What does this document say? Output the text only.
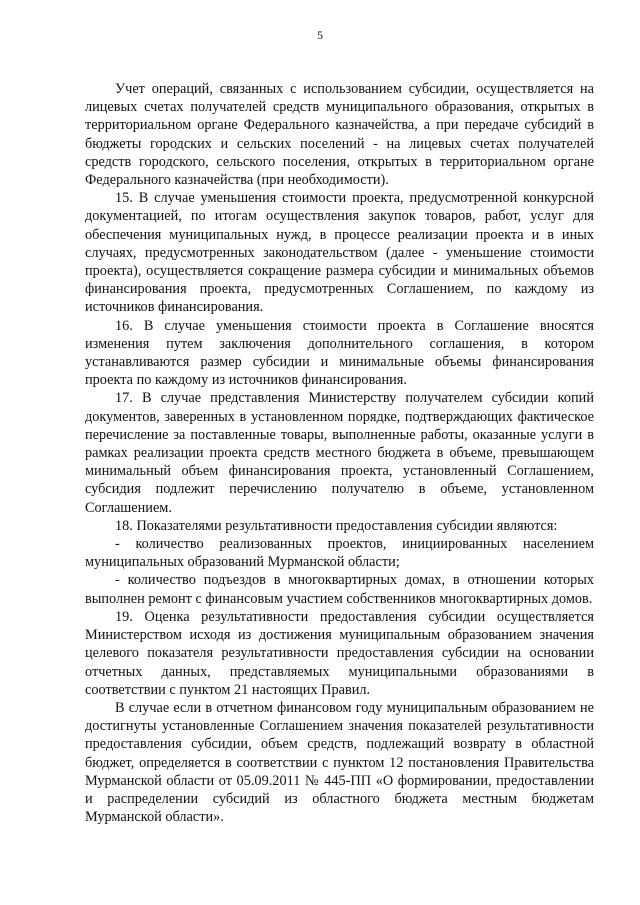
5

Учет операций, связанных с использованием субсидии, осуществляется на лицевых счетах получателей средств муниципального образования, открытых в территориальном органе Федерального казначейства, а при передаче субсидий в бюджеты городских и сельских поселений - на лицевых счетах получателей средств городского, сельского поселения, открытых в территориальном органе Федерального казначейства (при необходимости).

15. В случае уменьшения стоимости проекта, предусмотренной конкурсной документацией, по итогам осуществления закупок товаров, работ, услуг для обеспечения муниципальных нужд, в процессе реализации проекта и в иных случаях, предусмотренных законодательством (далее - уменьшение стоимости проекта), осуществляется сокращение размера субсидии и минимальных объемов финансирования проекта, предусмотренных Соглашением, по каждому из источников финансирования.

16. В случае уменьшения стоимости проекта в Соглашение вносятся изменения путем заключения дополнительного соглашения, в котором устанавливаются размер субсидии и минимальные объемы финансирования проекта по каждому из источников финансирования.

17. В случае представления Министерству получателем субсидии копий документов, заверенных в установленном порядке, подтверждающих фактическое перечисление за поставленные товары, выполненные работы, оказанные услуги в рамках реализации проекта средств местного бюджета в объеме, превышающем минимальный объем финансирования проекта, установленный Соглашением, субсидия подлежит перечислению получателю в объеме, установленном Соглашением.

18. Показателями результативности предоставления субсидии являются:

- количество реализованных проектов, инициированных населением муниципальных образований Мурманской области;

- количество подъездов в многоквартирных домах, в отношении которых выполнен ремонт с финансовым участием собственников многоквартирных домов.

19. Оценка результативности предоставления субсидии осуществляется Министерством исходя из достижения муниципальным образованием значения целевого показателя результативности предоставления субсидии на основании отчетных данных, представляемых муниципальными образованиями в соответствии с пунктом 21 настоящих Правил.

В случае если в отчетном финансовом году муниципальным образованием не достигнуты установленные Соглашением значения показателей результативности предоставления субсидии, объем средств, подлежащий возврату в областной бюджет, определяется в соответствии с пунктом 12 постановления Правительства Мурманской области от 05.09.2011 № 445-ПП «О формировании, предоставлении и распределении субсидий из областного бюджета местным бюджетам Мурманской области».
